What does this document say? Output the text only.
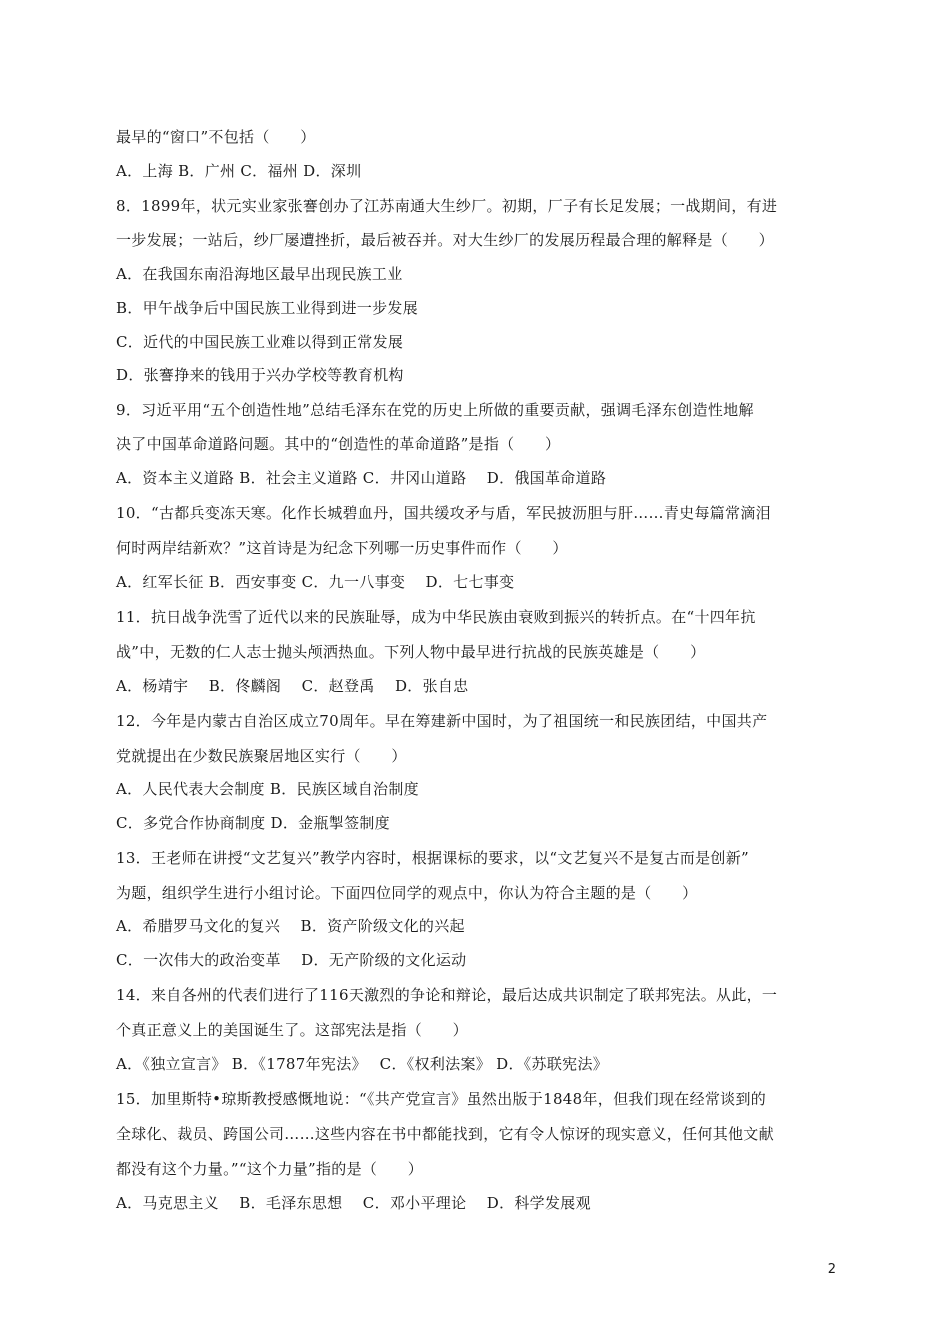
最早的“窗口”不包括（　　）
A．上海 B．广州 C．福州 D．深圳
8．1899年，状元实业家张謇创办了江苏南通大生纱厂。初期，厂子有长足发展；一战期间，有进
一步发展；一站后，纱厂屡遭挫折，最后被吞并。对大生纱厂的发展历程最合理的解释是（　　）
A．在我国东南沿海地区最早出现民族工业
B．甲午战争后中国民族工业得到进一步发展
C．近代的中国民族工业难以得到正常发展
D．张謇挣来的钱用于兴办学校等教育机构
9．习近平用“五个创造性地”总结毛泽东在党的历史上所做的重要贡献，强调毛泽东创造性地解
决了中国革命道路问题。其中的“创造性的革命道路”是指（　　）
A．资本主义道路 B．社会主义道路 C．井冈山道路　 D．俄国革命道路
10．“古都兵变冻天寒。化作长城碧血丹，国共缓攻矛与盾，军民披沥胆与肝……青史每篇常滴泪
何时两岸结新欢？”这首诗是为纪念下列哪一历史事件而作（　　）
A．红军长征 B．西安事变 C．九一八事变　 D．七七事变
11．抗日战争洗雪了近代以来的民族耻辱，成为中华民族由衰败到振兴的转折点。在“十四年抗
战”中，无数的仁人志士抛头颅洒热血。下列人物中最早进行抗战的民族英雄是（　　）
A．杨靖宇　 B．佟麟阁　 C．赵登禹　 D．张自忠
12．今年是内蒙古自治区成立70周年。早在筹建新中国时，为了祖国统一和民族团结，中国共产
党就提出在少数民族聚居地区实行（　　）
A．人民代表大会制度 B．民族区域自治制度
C．多党合作协商制度 D．金瓶掣签制度
13．王老师在讲授“文艺复兴”教学内容时，根据课标的要求，以“文艺复兴不是复古而是创新”
为题，组织学生进行小组讨论。下面四位同学的观点中，你认为符合主题的是（　　）
A．希腊罗马文化的复兴　 B．资产阶级文化的兴起
C．一次伟大的政治变革　 D．无产阶级的文化运动
14．来自各州的代表们进行了116天激烈的争论和辩论，最后达成共识制定了联邦宪法。从此，一
个真正意义上的美国诞生了。这部宪法是指（　　）
A．《独立宣言》 B．《1787年宪法》　 C．《权利法案》 D．《苏联宪法》
15．加里斯特•琼斯教授感慨地说：“《共产党宣言》虽然出版于1848年，但我们现在经常谈到的
全球化、裁员、跨国公司……这些内容在书中都能找到，它有令人惊讶的现实意义，任何其他文献
都没有这个力量。”“这个力量”指的是（　　）
A．马克思主义　 B．毛泽东思想　 C．邓小平理论　 D．科学发展观
2
